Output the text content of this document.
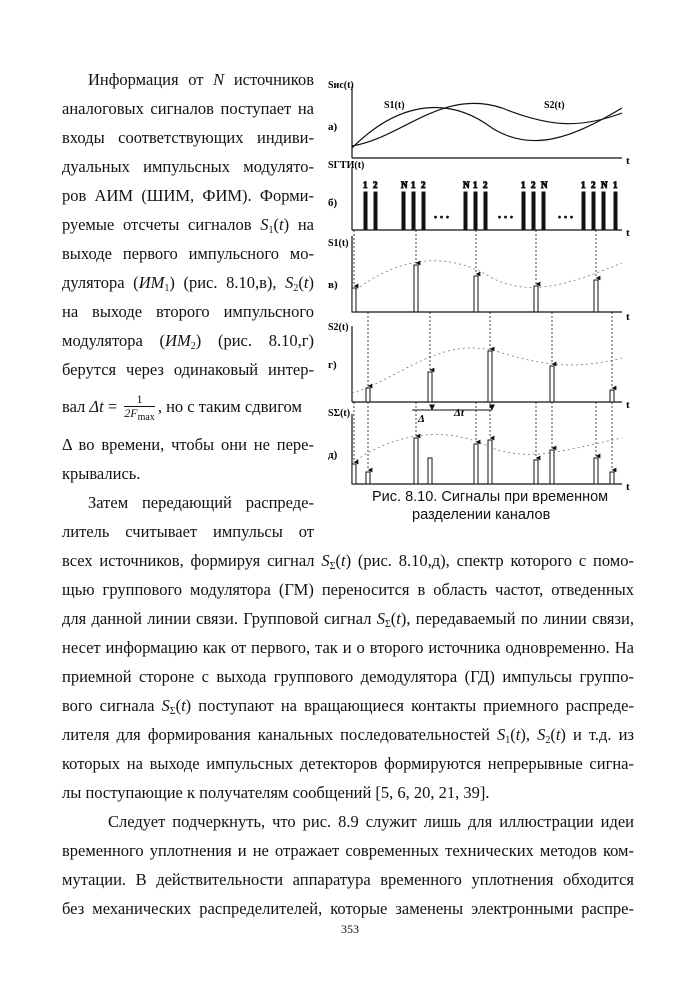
Информация от N источников
аналоговых сигналов поступает на
входы соответствующих индиви-
дуальных импульсных модулято-
ров АИМ (ШИМ, ФИМ). Форми-
руемые отсчеты сигналов $S_1(t)$ на
выходе первого импульсного мо-
дулятора $(ИМ_1)$ (рис. 8.10,в), $S_2(t)$
на выходе второго импульсного
модулятора $(ИМ_2)$ (рис. 8.10,г)
берутся через одинаковый интер-
вал $\Delta t = \frac{1}{2F_{max}}$ , но с таким сдвигом
Δ во времени, чтобы они не пере-
крывались.
Затем передающий распреде-
литель считывает импульсы от
всех источников, формируя сигнал $S_\Sigma(t)$ (рис. 8.10,д), спектр которого с помо-
щью группового модулятора (ГМ) переносится в область частот, отведенных
для данной линии связи. Групповой сигнал $S_\Sigma(t)$, передаваемый по линии связи,
несет информацию как от первого, так и о второго источника одновременно. На
приемной стороне с выхода группового демодулятора (ГД) импульсы группо-
вого сигнала $S_\Sigma(t)$ поступают на вращающиеся контакты приемного распреде-
лителя для формирования канальных последовательностей $S_1(t)$, $S_2(t)$ и т.д. из
которых на выходе импульсных детекторов формируются непрерывные сигна-
лы поступающие к получателям сообщений [5, 6, 20, 21, 39].
Следует подчеркнуть, что рис. 8.9 служит лишь для иллюстрации идеи
временного уплотнения и не отражает современных технических методов ком-
мутации. В действительности аппаратура временного уплотнения обходится
без механических распределителей, которые заменены электронными распре-
1 2	N 1 2	N 1 2	1 2 N	1 2 N 1
. . .	. . .	. . .
Sис(t)
S1(t)	S2(t)
а)
t
SГТИ(t)
б)
t
S1(t)
в)
t
S2(t)
г)
t
SΣ(t)
д)
t
Δ	Δt
Рис. 8.10. Сигналы при временном
разделении каналов
353
